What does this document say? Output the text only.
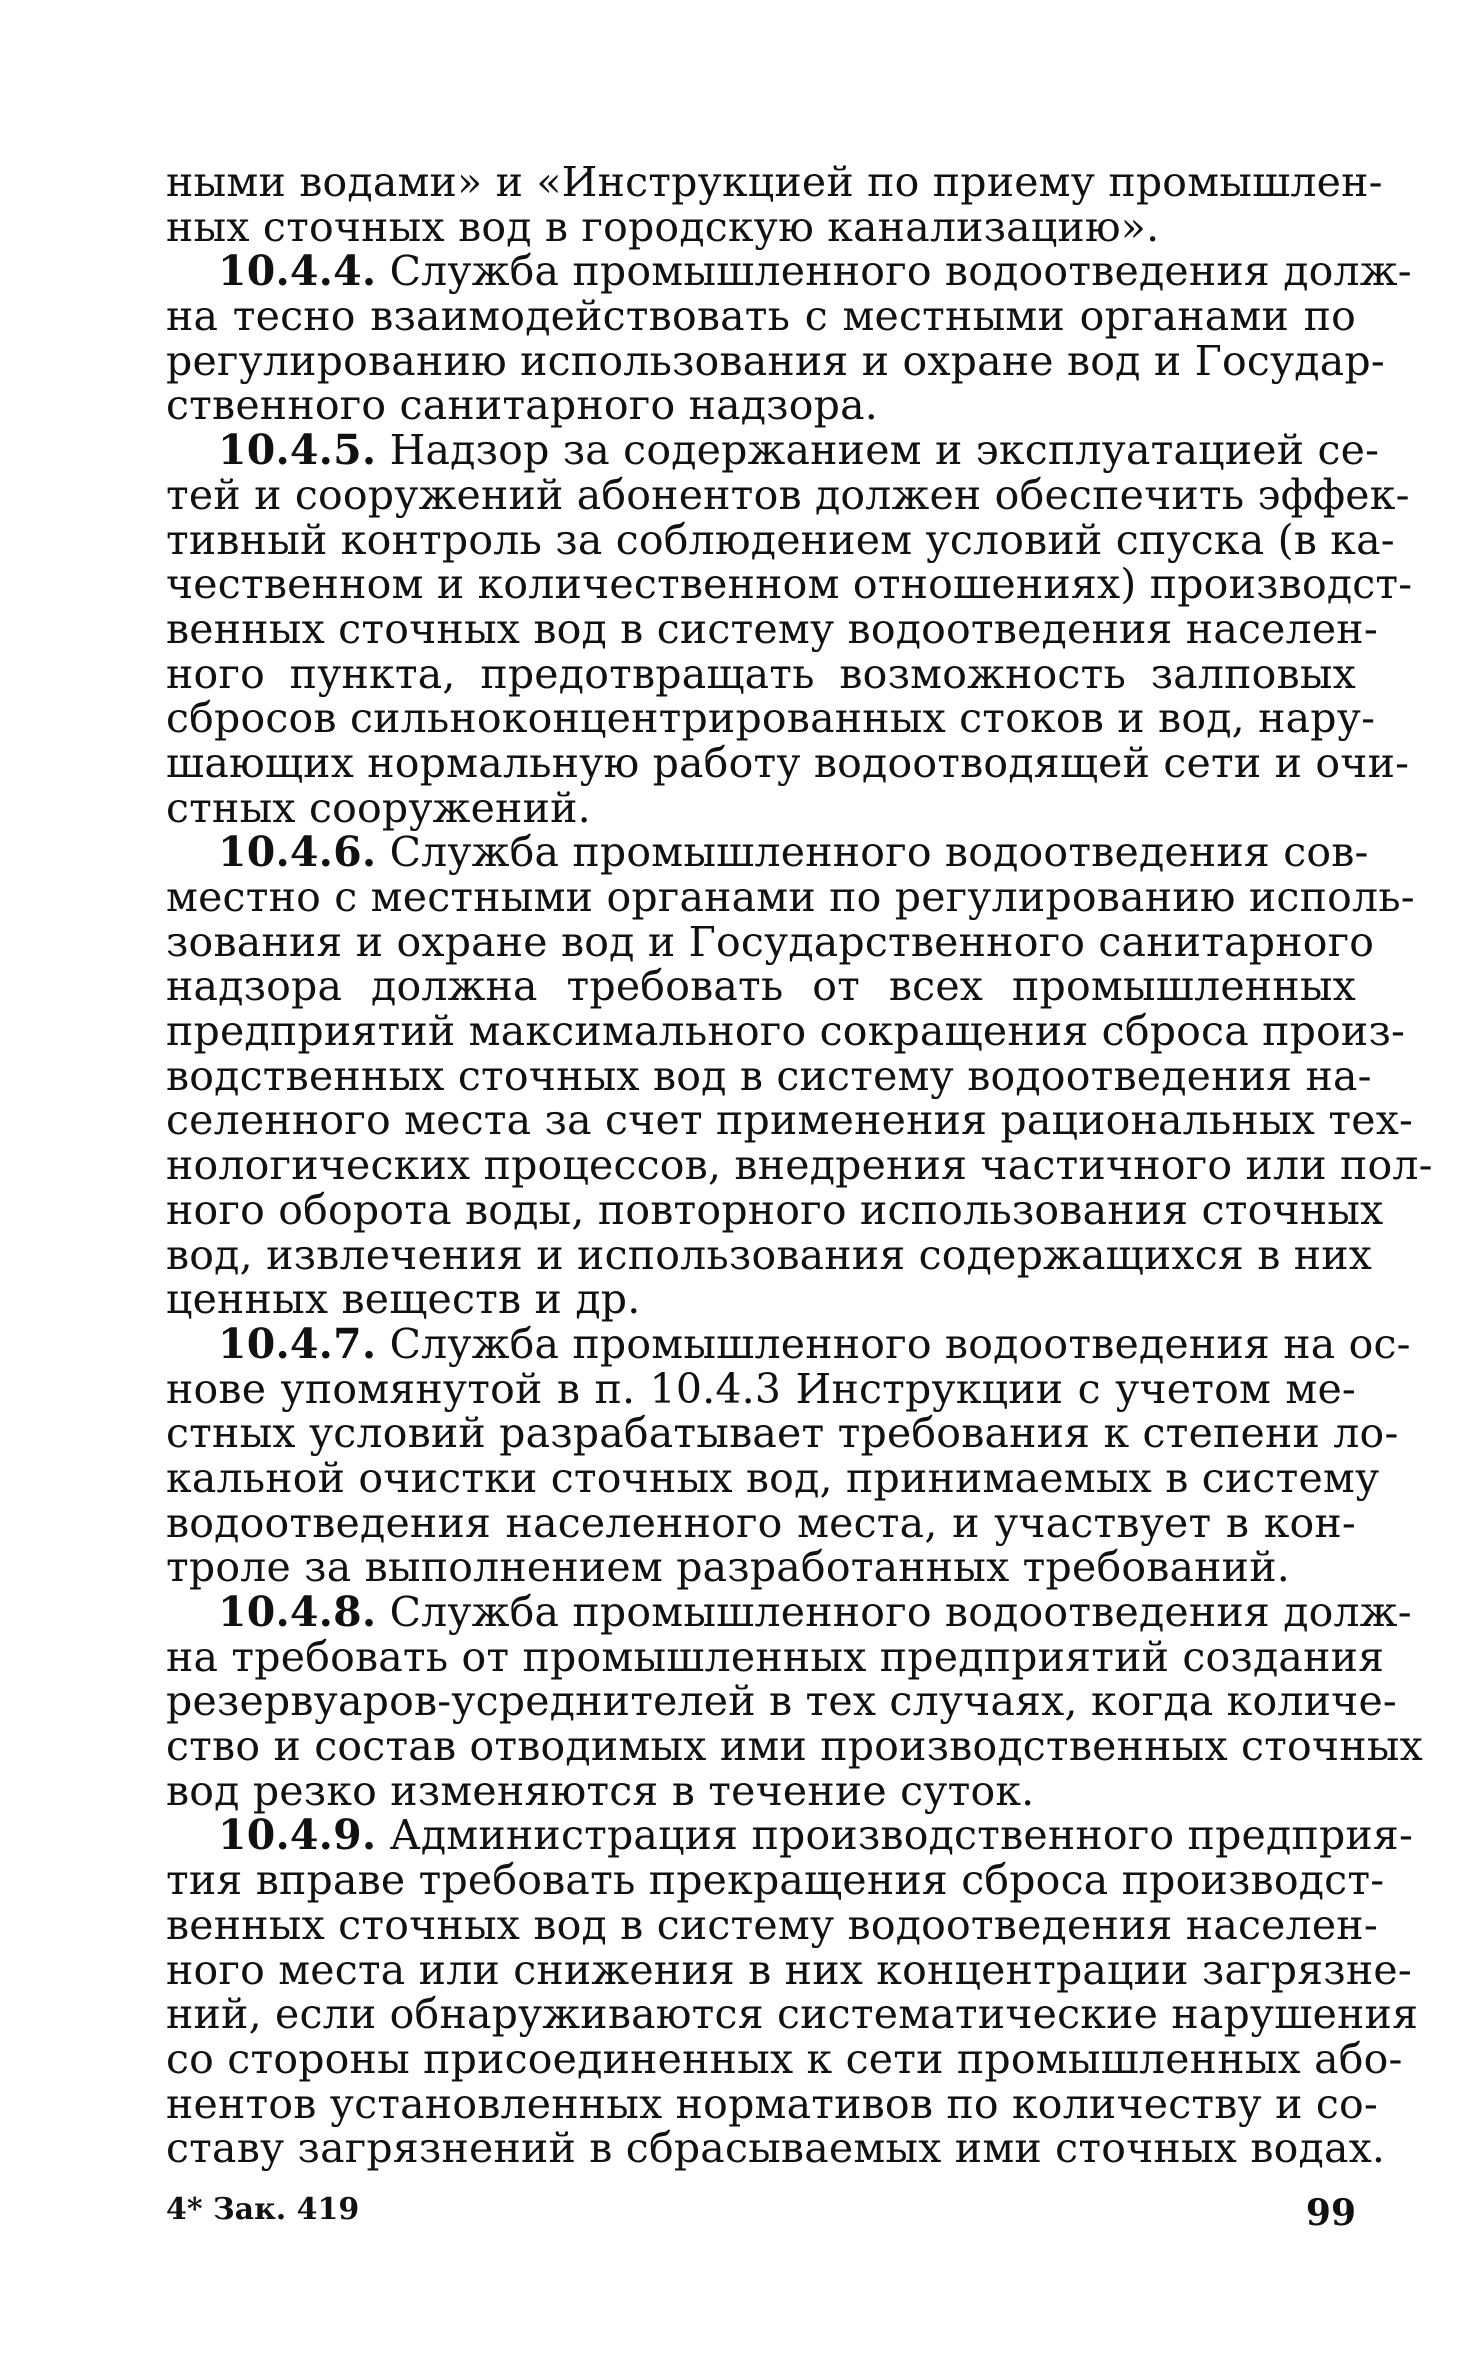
ными водами» и «Инструкцией по приему промышлен-
ных сточных вод в городскую канализацию».
10.4.4. Служба промышленного водоотведения долж-
на тесно взаимодействовать с местными органами по
регулированию использования и охране вод и Государ-
ственного санитарного надзора.
10.4.5. Надзор за содержанием и эксплуатацией се-
тей и сооружений абонентов должен обеспечить эффек-
тивный контроль за соблюдением условий спуска (в ка-
чественном и количественном отношениях) производст-
венных сточных вод в систему водоотведения населен-
ного пункта, предотвращать возможность залповых
сбросов сильноконцентрированных стоков и вод, нару-
шающих нормальную работу водоотводящей сети и очи-
стных сооружений.
10.4.6. Служба промышленного водоотведения сов-
местно с местными органами по регулированию исполь-
зования и охране вод и Государственного санитарного
надзора должна требовать от всех промышленных
предприятий максимального сокращения сброса произ-
водственных сточных вод в систему водоотведения на-
селенного места за счет применения рациональных тех-
нологических процессов, внедрения частичного или пол-
ного оборота воды, повторного использования сточных
вод, извлечения и использования содержащихся в них
ценных веществ и др.
10.4.7. Служба промышленного водоотведения на ос-
нове упомянутой в п. 10.4.3 Инструкции с учетом ме-
стных условий разрабатывает требования к степени ло-
кальной очистки сточных вод, принимаемых в систему
водоотведения населенного места, и участвует в кон-
троле за выполнением разработанных требований.
10.4.8. Служба промышленного водоотведения долж-
на требовать от промышленных предприятий создания
резервуаров-усреднителей в тех случаях, когда количе-
ство и состав отводимых ими производственных сточных
вод резко изменяются в течение суток.
10.4.9. Администрация производственного предприя-
тия вправе требовать прекращения сброса производст-
венных сточных вод в систему водоотведения населен-
ного места или снижения в них концентрации загрязне-
ний, если обнаруживаются систематические нарушения
со стороны присоединенных к сети промышленных або-
нентов установленных нормативов по количеству и со-
ставу загрязнений в сбрасываемых ими сточных водах.
4* Зак. 419	99
